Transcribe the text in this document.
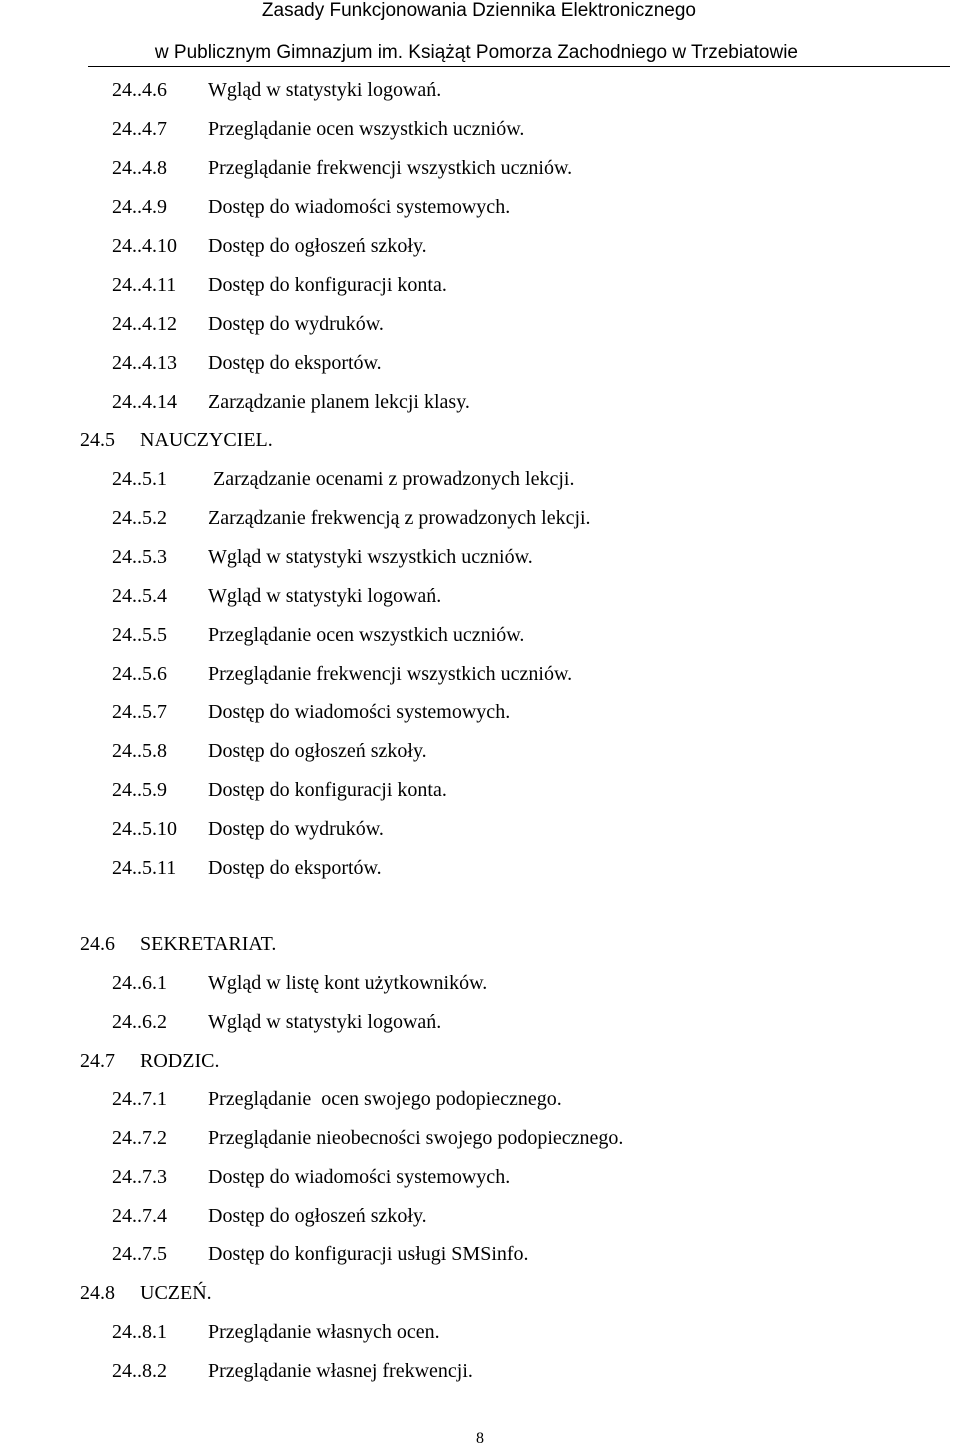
Zasady Funkcjonowania Dziennika Elektronicznego
w Publicznym Gimnazjum im. Książąt Pomorza Zachodniego w Trzebiatowie
24..4.6 Wgląd w statystyki logowań.
24..4.7 Przeglądanie ocen wszystkich uczniów.
24..4.8 Przeglądanie frekwencji wszystkich uczniów.
24..4.9 Dostęp do wiadomości systemowych.
24..4.10 Dostęp do ogłoszeń szkoły.
24..4.11 Dostęp do konfiguracji konta.
24..4.12 Dostęp do wydruków.
24..4.13 Dostęp do eksportów.
24..4.14 Zarządzanie planem lekcji klasy.
24.5 NAUCZYCIEL.
24..5.1 Zarządzanie ocenami z prowadzonych lekcji.
24..5.2 Zarządzanie frekwencją z prowadzonych lekcji.
24..5.3 Wgląd w statystyki wszystkich uczniów.
24..5.4 Wgląd w statystyki logowań.
24..5.5 Przeglądanie ocen wszystkich uczniów.
24..5.6 Przeglądanie frekwencji wszystkich uczniów.
24..5.7 Dostęp do wiadomości systemowych.
24..5.8 Dostęp do ogłoszeń szkoły.
24..5.9 Dostęp do konfiguracji konta.
24..5.10 Dostęp do wydruków.
24..5.11 Dostęp do eksportów.
24.6 SEKRETARIAT.
24..6.1 Wgląd w listę kont użytkowników.
24..6.2 Wgląd w statystyki logowań.
24.7 RODZIC.
24..7.1 Przeglądanie  ocen swojego podopiecznego.
24..7.2 Przeglądanie nieobecności swojego podopiecznego.
24..7.3 Dostęp do wiadomości systemowych.
24..7.4 Dostęp do ogłoszeń szkoły.
24..7.5 Dostęp do konfiguracji usługi SMSinfo.
24.8 UCZEŃ.
24..8.1 Przeglądanie własnych ocen.
24..8.2 Przeglądanie własnej frekwencji.
8
